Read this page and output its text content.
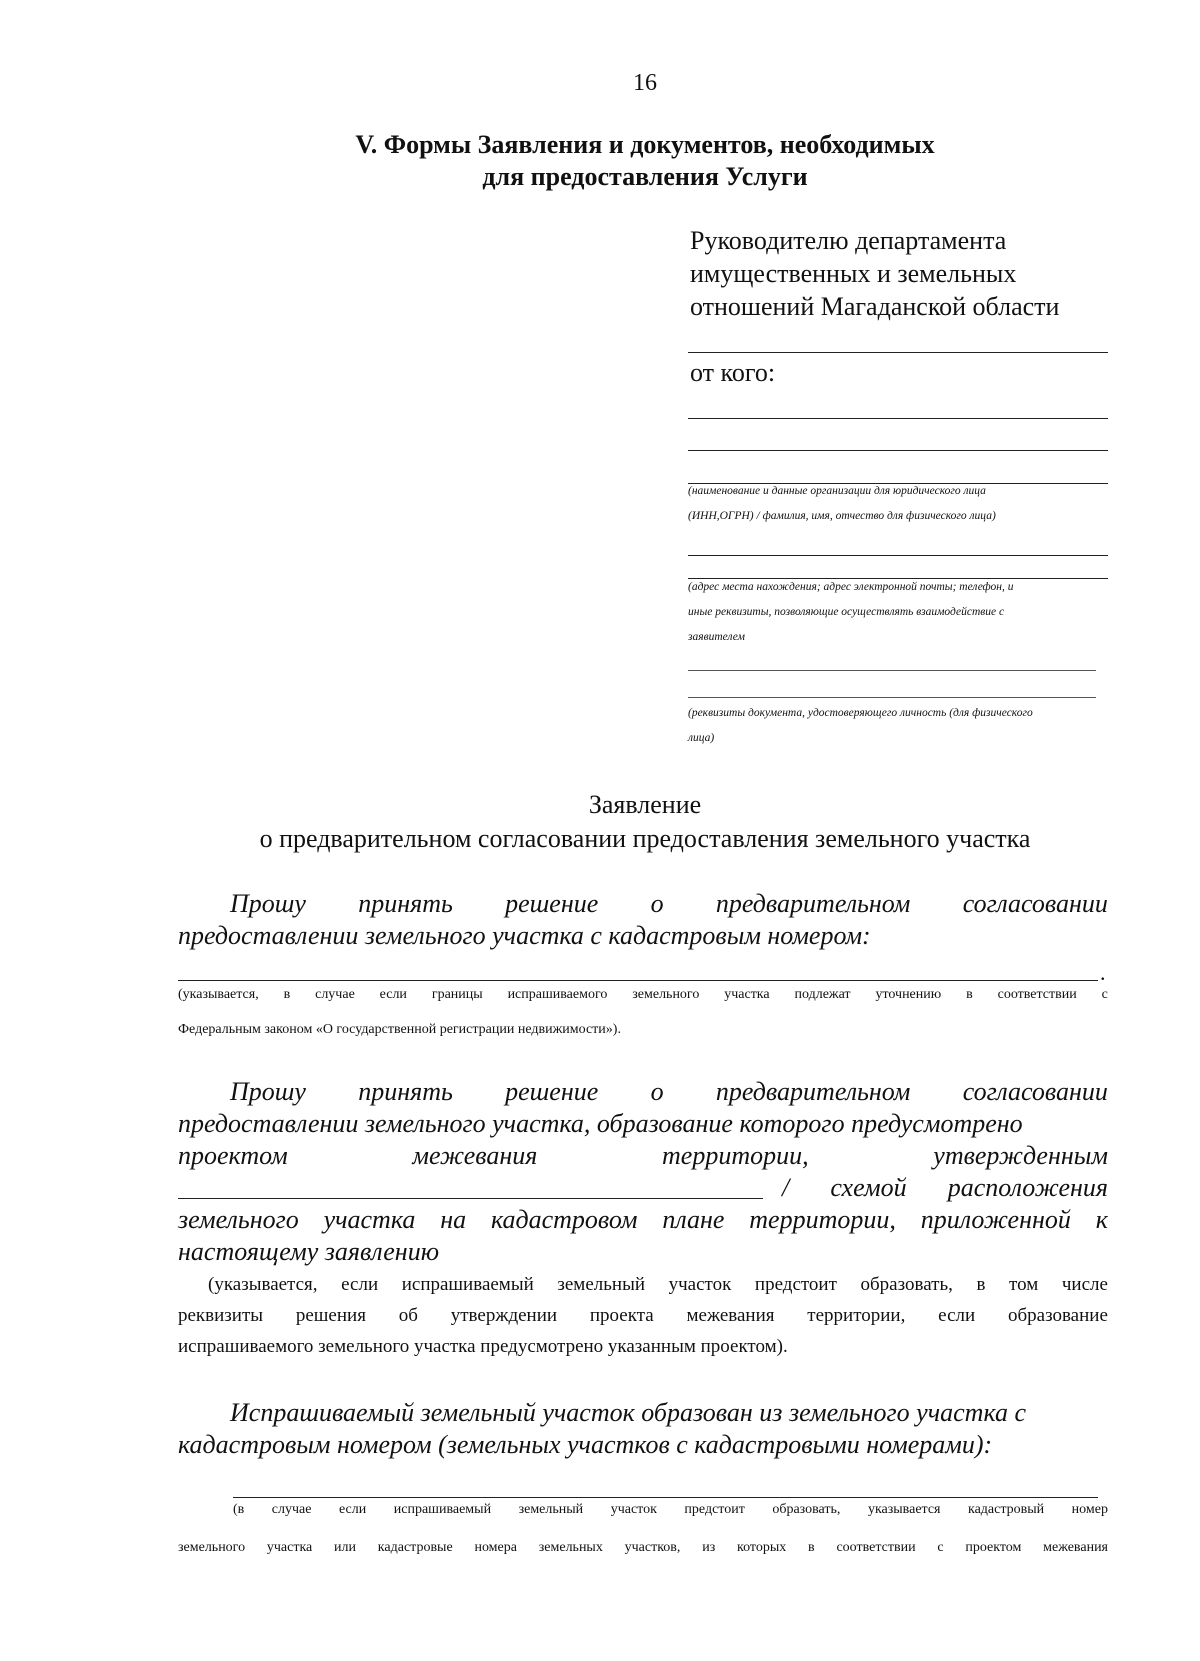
16
V. Формы Заявления и документов, необходимых
для предоставления Услуги
Руководителю департамента
имущественных и земельных
отношений Магаданской области
от кого:
(наименование и данные организации для юридического лица
(ИНН,ОГРН) / фамилия, имя, отчество для физического лица)
(адрес места нахождения; адрес электронной почты; телефон, и
иные реквизиты, позволяющие осуществлять взаимодействие с
заявителем
(реквизиты документа, удостоверяющего личность (для физического
лица)
Заявление
о предварительном согласовании предоставления земельного участка
Прошу принять решение о предварительном согласовании
предоставлении земельного участка с кадастровым номером:
.
(указывается, в случае если границы испрашиваемого земельного участка подлежат уточнению в соответствии с
Федеральным законом «О государственной регистрации недвижимости»).
Прошу принять решение о предварительном согласовании
предоставлении земельного участка, образование которого предусмотрено
проектом	межевания	территории,	утвержденным
/ схемой расположения
земельного участка на кадастровом плане территории, приложенной к
настоящему заявлению
(указывается, если испрашиваемый земельный участок предстоит образовать, в том числе
реквизиты решения об утверждении проекта межевания территории, если образование
испрашиваемого земельного участка предусмотрено указанным проектом).
Испрашиваемый земельный участок образован из земельного участка с
кадастровым номером (земельных участков с кадастровыми номерами):
(в случае если испрашиваемый земельный участок предстоит образовать, указывается кадастровый номер
земельного участка или кадастровые номера земельных участков, из которых в соответствии с проектом межевания
